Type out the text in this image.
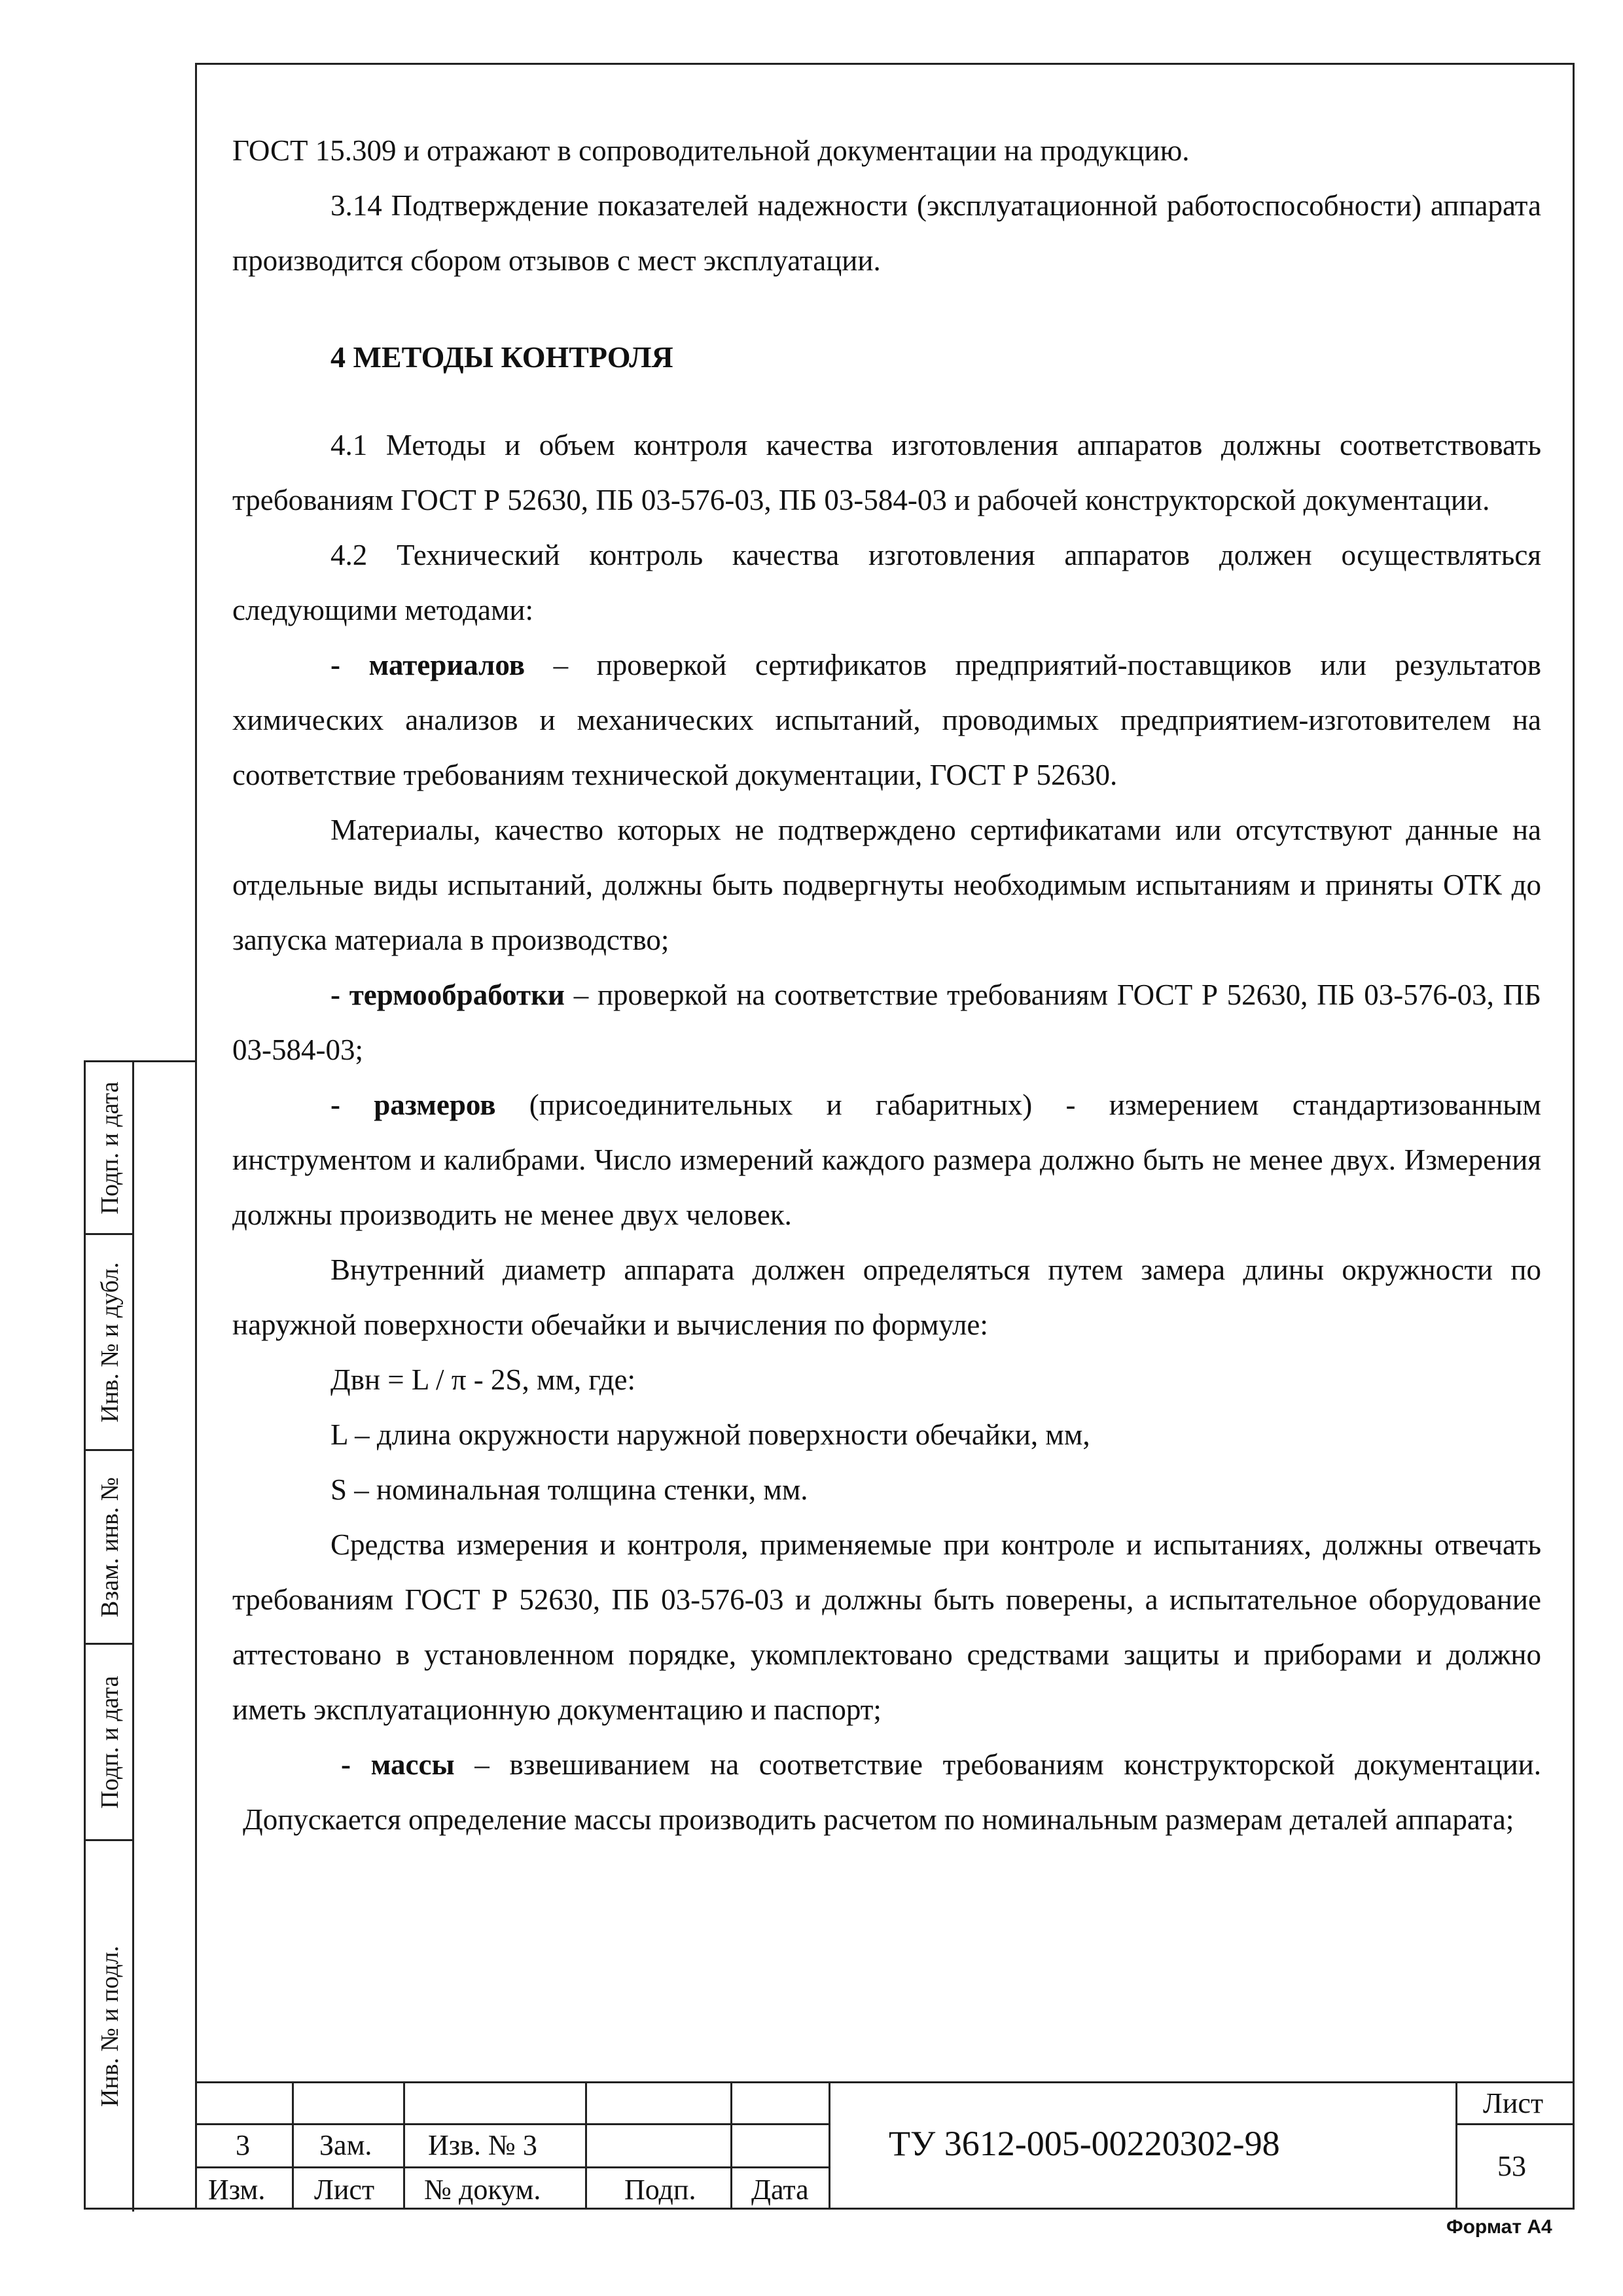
ГОСТ 15.309 и отражают в сопроводительной документации на продукцию.

3.14 Подтверждение показателей надежности (эксплуатационной работоспособности) аппарата производится сбором отзывов с мест эксплуатации.

4 МЕТОДЫ КОНТРОЛЯ

4.1 Методы и объем контроля качества изготовления аппаратов должны соответствовать требованиям ГОСТ Р 52630, ПБ 03-576-03, ПБ 03-584-03 и рабочей конструкторской документации.

4.2 Технический контроль качества изготовления аппаратов должен осуществляться следующими методами:

- материалов – проверкой сертификатов предприятий-поставщиков или результатов химических анализов и механических испытаний, проводимых предприятием-изготовителем на соответствие требованиям технической документации, ГОСТ Р 52630.

Материалы, качество которых не подтверждено сертификатами или отсутствуют данные на отдельные виды испытаний, должны быть подвергнуты необходимым испытаниям и приняты ОТК до запуска материала в производство;

- термообработки – проверкой на соответствие требованиям ГОСТ Р 52630, ПБ 03-576-03, ПБ 03-584-03;

- размеров (присоединительных и габаритных) - измерением стандартизованным инструментом и калибрами. Число измерений каждого размера должно быть не менее двух. Измерения должны производить не менее двух человек.

Внутренний диаметр аппарата должен определяться путем замера длины окружности по наружной поверхности обечайки и вычисления по формуле:

Двн = L / π - 2S, мм, где:

L – длина окружности наружной поверхности обечайки, мм,

S – номинальная толщина стенки, мм.

Средства измерения и контроля, применяемые при контроле и испытаниях, должны отвечать требованиям ГОСТ Р 52630, ПБ 03-576-03 и должны быть поверены, а испытательное оборудование аттестовано в установленном порядке, укомплектовано средствами защиты и приборами и должно иметь эксплуатационную документацию и паспорт;

- массы – взвешиванием на соответствие требованиям конструкторской документации. Допускается определение массы производить расчетом по номинальным размерам деталей аппарата;

Подп. и дата
Инв. № и дубл.
Взам. инв. №
Подп. и дата
Инв. № и подл.
3 Зам. Изв. № 3
Изм. Лист № докум.	Подп. Дата
ТУ 3612-005-00220302-98
Лист
53
Формат А4
